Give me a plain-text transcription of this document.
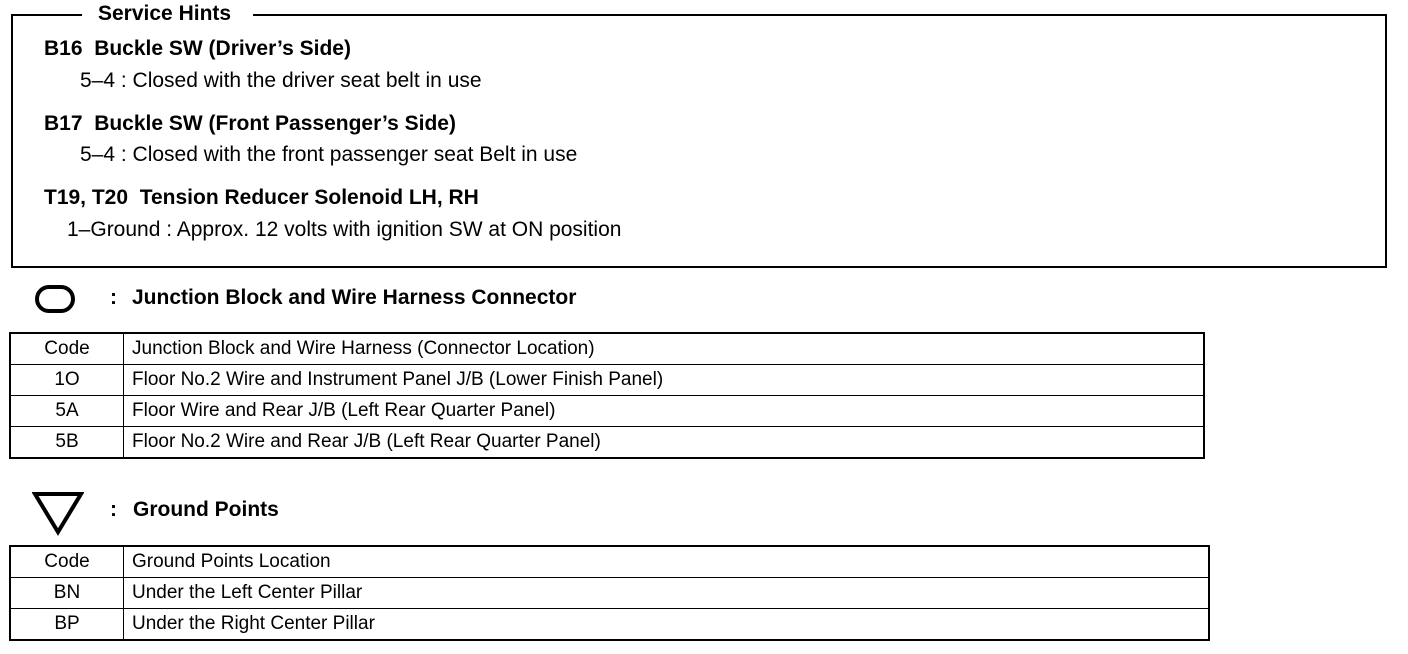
Service Hints
B16  Buckle SW (Driver’s Side)
5–4 : Closed with the driver seat belt in use
B17  Buckle SW (Front Passenger’s Side)
5–4 : Closed with the front passenger seat Belt in use
T19, T20  Tension Reducer Solenoid LH, RH
1–Ground : Approx. 12 volts with ignition SW at ON position
: Junction Block and Wire Harness Connector
Code	Junction Block and Wire Harness (Connector Location)
1O	Floor No.2 Wire and Instrument Panel J/B (Lower Finish Panel)
5A	Floor Wire and Rear J/B (Left Rear Quarter Panel)
5B	Floor No.2 Wire and Rear J/B (Left Rear Quarter Panel)
: Ground Points
Code	Ground Points Location
BN	Under the Left Center Pillar
BP	Under the Right Center Pillar
